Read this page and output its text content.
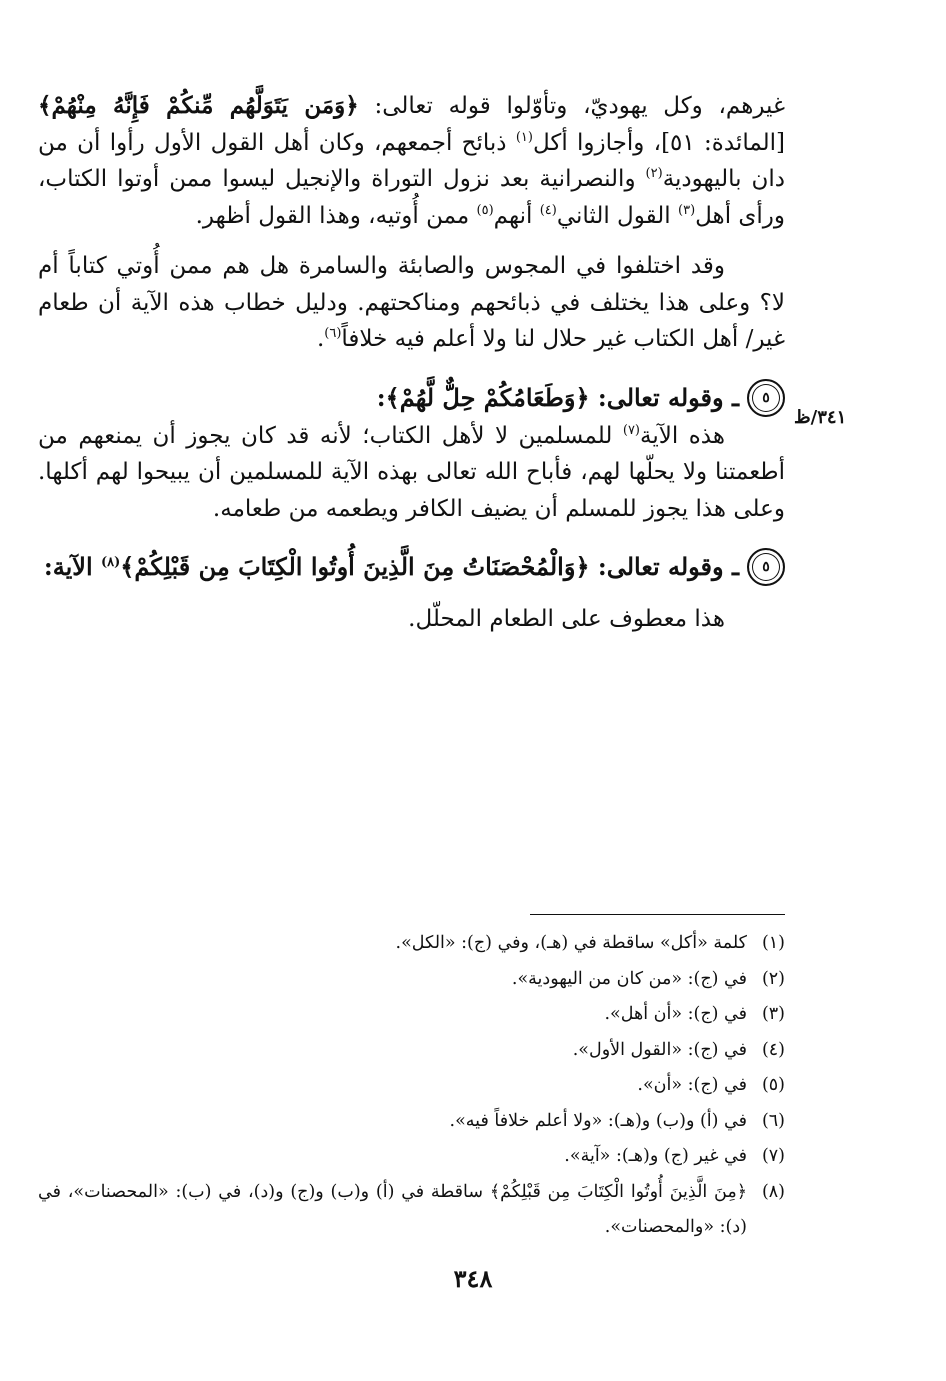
غيرهم، وكل يهوديّ، وتأوّلوا قوله تعالى: ﴿وَمَن يَتَوَلَّهُم مِّنكُمْ فَإِنَّهُ مِنْهُمْ﴾ [المائدة: ٥١]، وأجازوا أكل$^{(١)}$ ذبائح أجمعهم، وكان أهل القول الأول رأوا أن من دان باليهودية$^{(٢)}$ والنصرانية بعد نزول التوراة والإنجيل ليسوا ممن أوتوا الكتاب، ورأى أهل$^{(٣)}$ القول الثاني$^{(٤)}$ أنهم$^{(٥)}$ ممن أُوتيه، وهذا القول أظهر.

وقد اختلفوا في المجوس والصابئة والسامرة هل هم ممن أُوتي كتاباً أم لا؟ وعلى هذا يختلف في ذبائحهم ومناكحتهم. ودليل خطاب هذه الآية أن طعام غير/ أهل الكتاب غير حلال لنا ولا أعلم فيه خلافاً$^{(٦)}$.

٥
ـ وقوله تعالى: ﴿وَطَعَامُكُمْ حِلٌّ لَّهُمْ﴾:

هذه الآية$^{(٧)}$ للمسلمين لا لأهل الكتاب؛ لأنه قد كان يجوز أن يمنعهم من أطعمتنا ولا يحلّها لهم، فأباح الله تعالى بهذه الآية للمسلمين أن يبيحوا لهم أكلها. وعلى هذا يجوز للمسلم أن يضيف الكافر ويطعمه من طعامه.

٥
ـ وقوله تعالى: ﴿وَالْمُحْصَنَاتُ مِنَ الَّذِينَ أُوتُوا الْكِتَابَ مِن قَبْلِكُمْ﴾$^{(٨)}$ الآية:

هذا معطوف على الطعام المحلّل.

٣٤١/ظ
(١)
كلمة «أكل» ساقطة في (هـ)، وفي (ج): «الكل».
(٢)
في (ج): «من كان من اليهودية».
(٣)
في (ج): «أن أهل».
(٤)
في (ج): «القول الأول».
(٥)
في (ج): «أن».
(٦)
في (أ) و(ب) و(هـ): «ولا أعلم خلافاً فيه».
(٧)
في غير (ج) و(هـ): «آية».
(٨)
﴿مِنَ الَّذِينَ أُوتُوا الْكِتَابَ مِن قَبْلِكُمْ﴾ ساقطة في (أ) و(ب) و(ج) و(د)، في (ب): «المحصنات»، في (د): «والمحصنات».
٣٤٨
